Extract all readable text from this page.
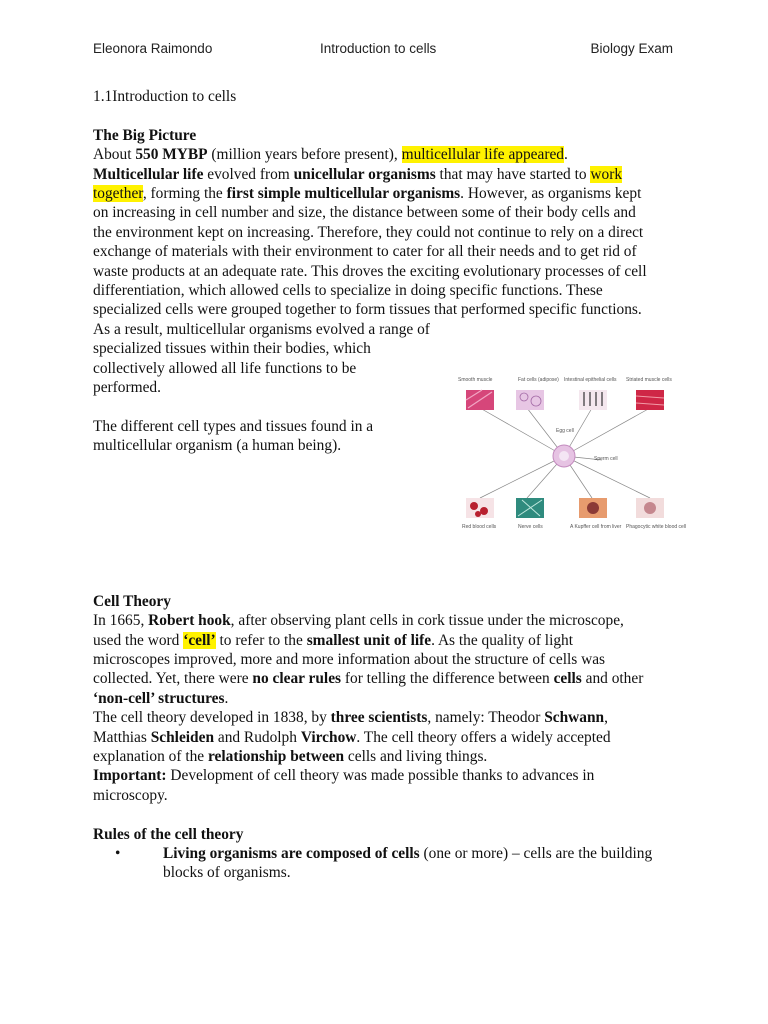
Eleonora Raimondo	Introduction to cells	Biology Exam

1.1Introduction to cells

The Big Picture

About 550 MYBP (million years before present), multicellular life appeared. Multicellular life evolved from unicellular organisms that may have started to work together, forming the first simple multicellular organisms. However, as organisms kept on increasing in cell number and size, the distance between some of their body cells and the environment kept on increasing. Therefore, they could not continue to rely on a direct exchange of materials with their environment to cater for all their needs and to get rid of waste products at an adequate rate. This droves the exciting evolutionary processes of cell differentiation, which allowed cells to specialize in doing specific functions. These specialized cells were grouped together to form tissues that performed specific functions. As a result, multicellular organisms evolved a range of

specialized tissues within their bodies, which

collectively allowed all life functions to be

performed.

The different cell types and tissues found in a

multicellular organism (a human being).

Cell Theory

In 1665, Robert hook, after observing plant cells in cork tissue under the microscope, used the word ‘cell’ to refer to the smallest unit of life. As the quality of light microscopes improved, more and more information about the structure of cells was collected. Yet, there were no clear rules for telling the difference between cells and other ‘non-cell’ structures.

The cell theory developed in 1838, by three scientists, namely: Theodor Schwann, Matthias Schleiden and Rudolph Virchow. The cell theory offers a widely accepted explanation of the relationship between cells and living things.

Important: Development of cell theory was made possible thanks to advances in microscopy.

Rules of the cell theory

•	Living organisms are composed of cells (one or more) – cells are the building blocks of organisms.
Smooth muscle	Fat cells (adipose) Intestinal epithelial cells Striated muscle cells
Egg cell
Sperm cell
Red blood cells	Nerve cells	A Kupffer cell from liver Phagocytic white blood cell
